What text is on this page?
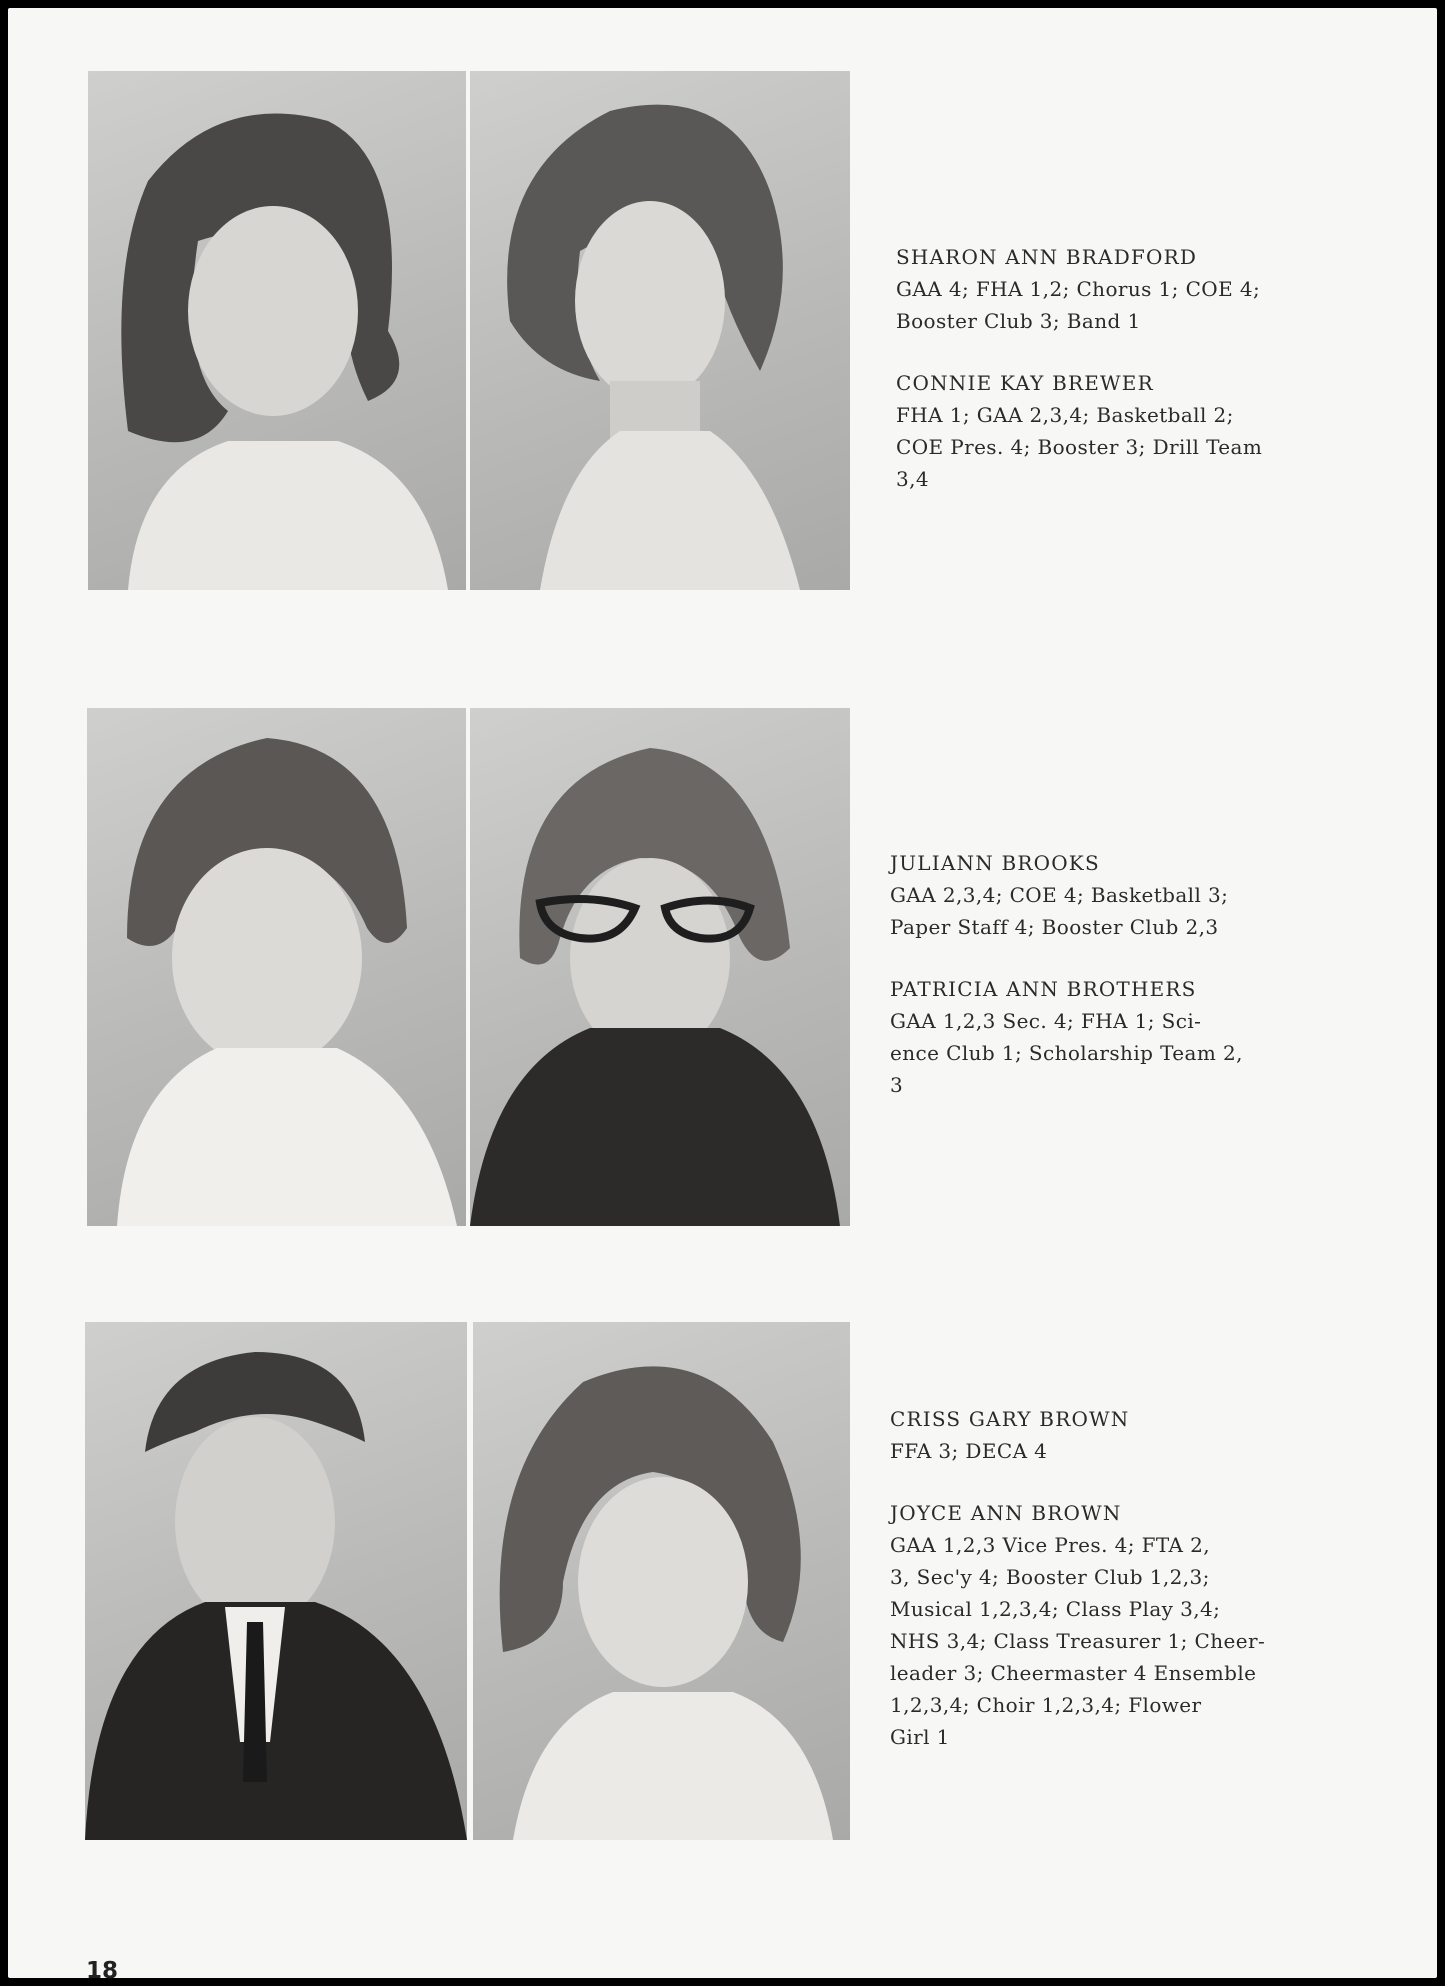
SHARON ANN BRADFORD
GAA 4; FHA 1,2; Chorus 1; COE 4;
Booster Club 3; Band 1
CONNIE KAY BREWER
FHA 1; GAA 2,3,4; Basketball 2;
COE Pres. 4; Booster 3; Drill Team
3,4
JULIANN BROOKS
GAA 2,3,4; COE 4; Basketball 3;
Paper Staff 4; Booster Club 2,3
PATRICIA ANN BROTHERS
GAA 1,2,3 Sec. 4; FHA 1; Sci-
ence Club 1; Scholarship Team 2,
3
CRISS GARY BROWN
FFA 3; DECA 4
JOYCE ANN BROWN
GAA 1,2,3 Vice Pres. 4; FTA 2,
3, Sec'y 4; Booster Club 1,2,3;
Musical 1,2,3,4; Class Play 3,4;
NHS 3,4; Class Treasurer 1; Cheer-
leader 3; Cheermaster 4 Ensemble
1,2,3,4; Choir 1,2,3,4; Flower
Girl 1
18
